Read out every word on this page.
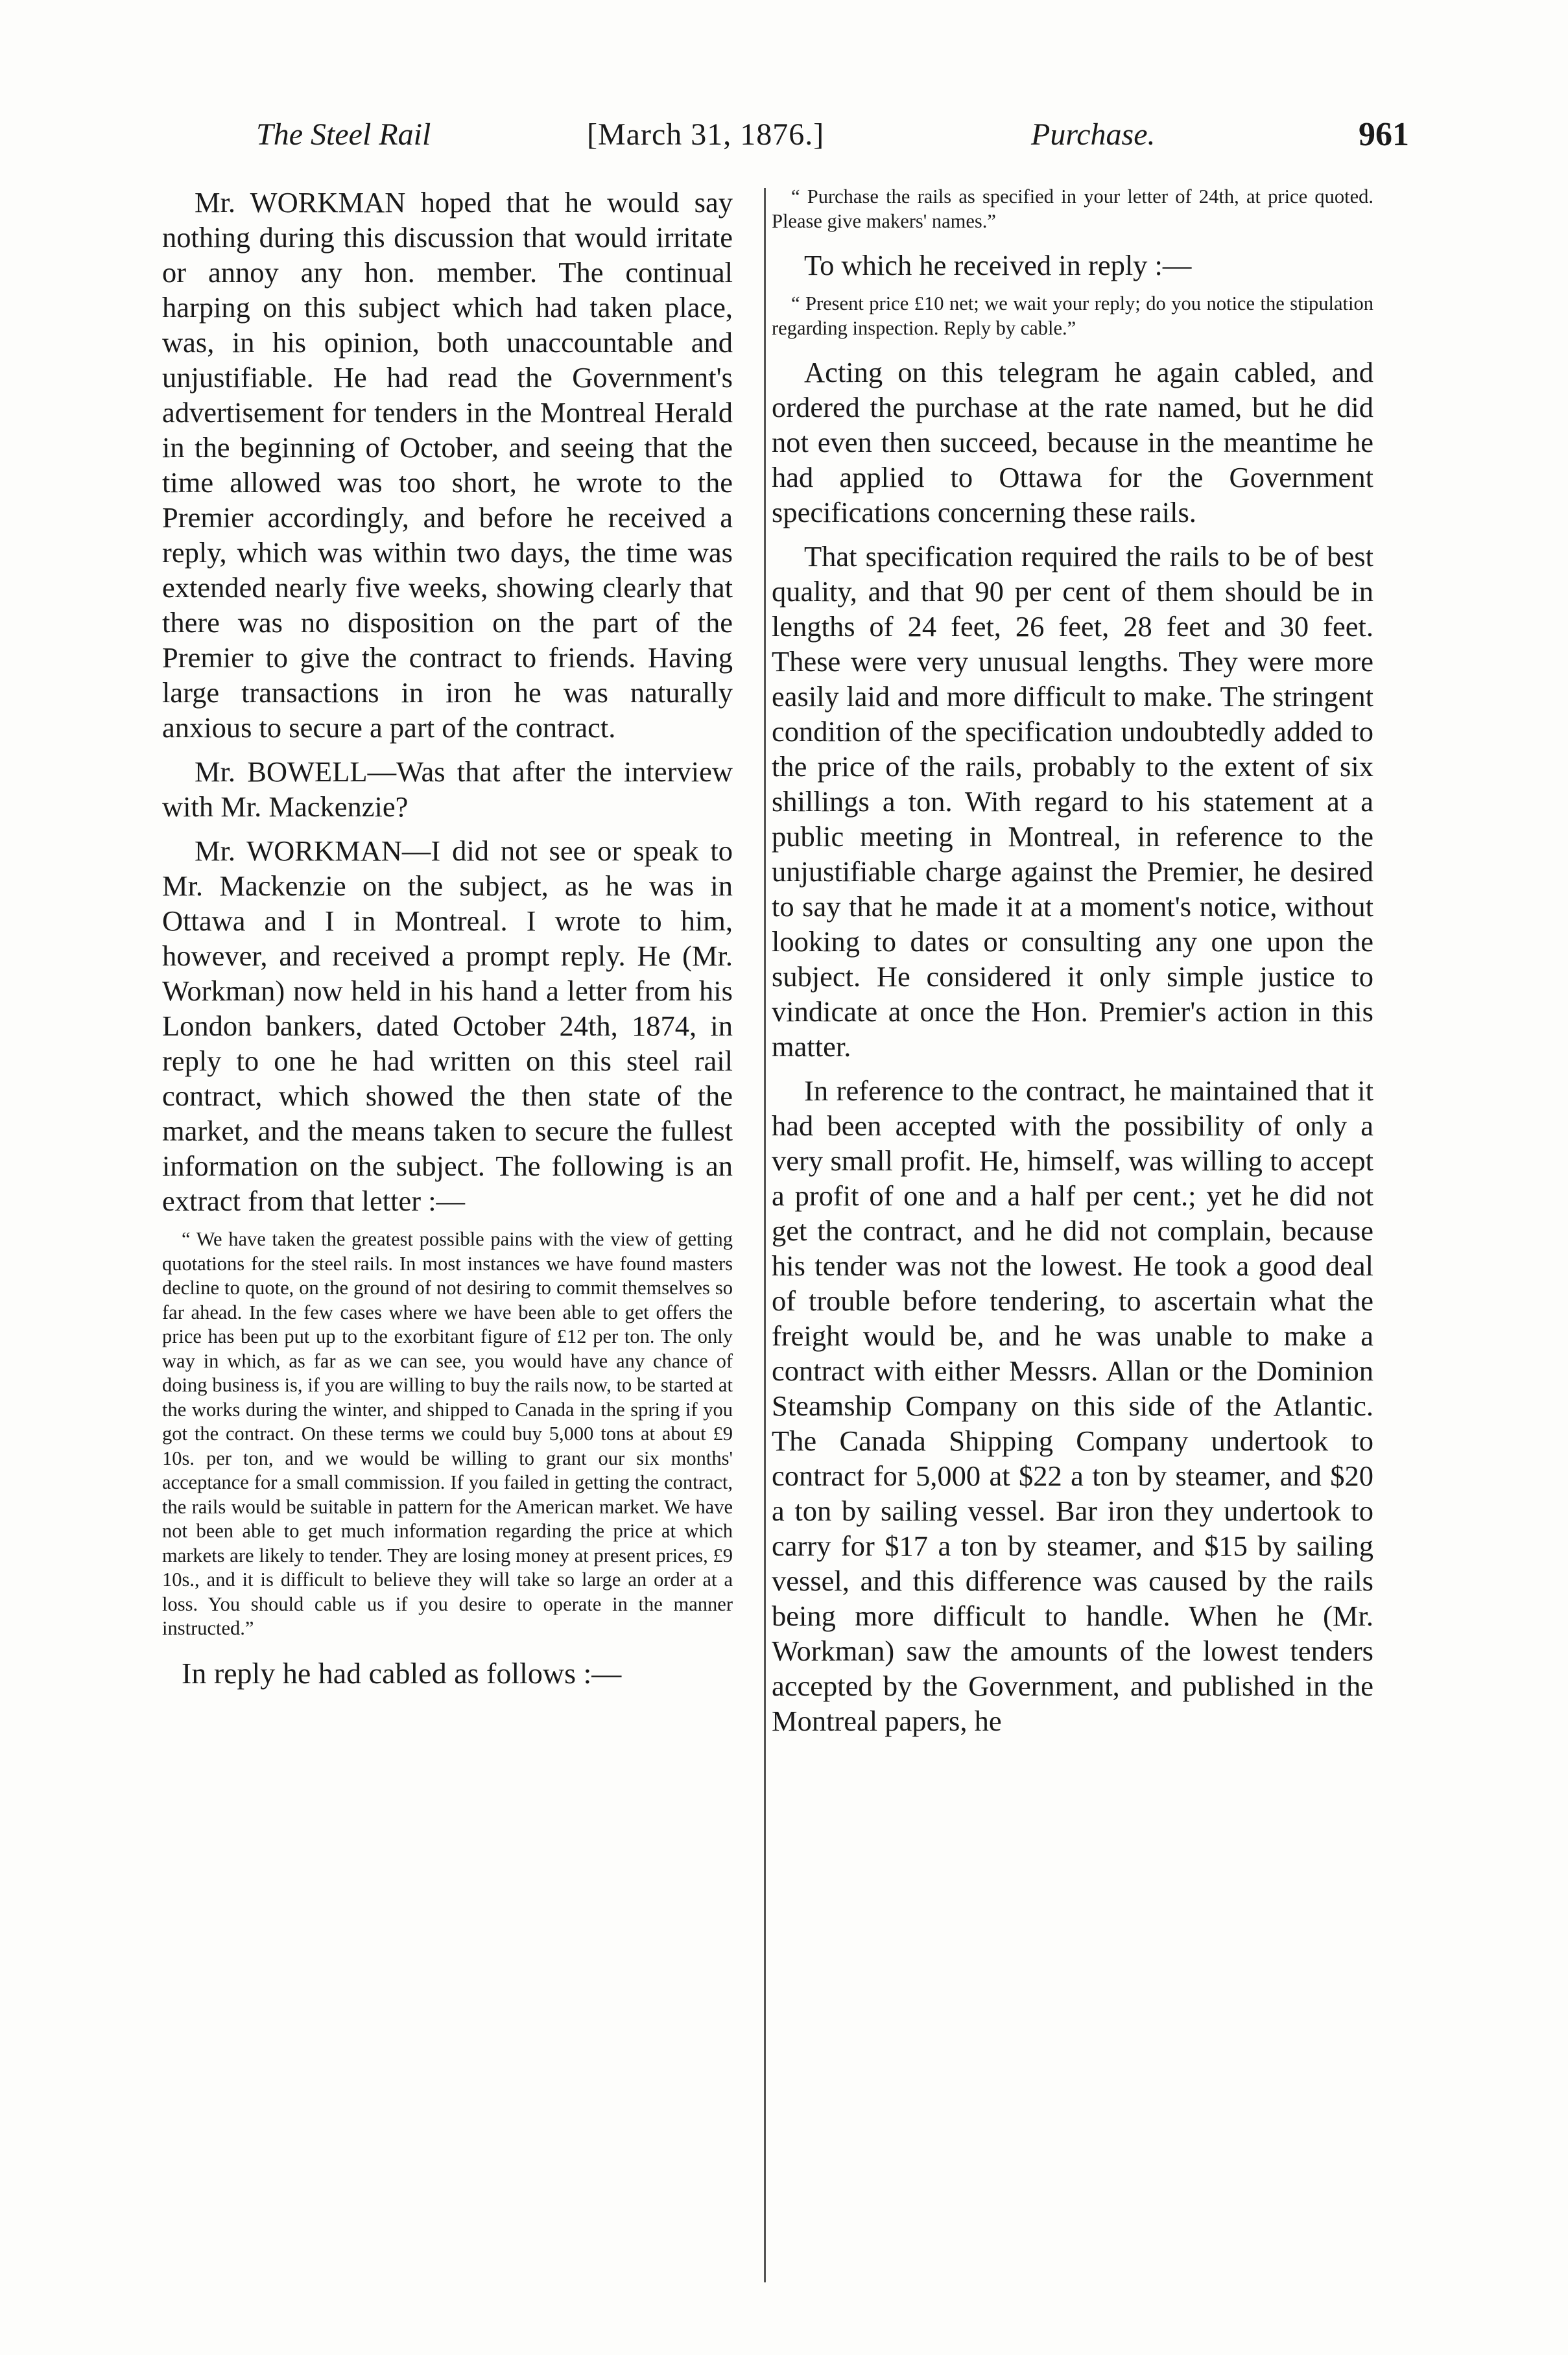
The Steel Rail	[March 31, 1876.]	Purchase.	961

Mr. WORKMAN hoped that he would say nothing during this discussion that would irritate or annoy any hon. member. The continual harping on this subject which had taken place, was, in his opinion, both unaccountable and unjustifiable. He had read the Government's advertisement for tenders in the Montreal Herald in the beginning of October, and seeing that the time allowed was too short, he wrote to the Premier accordingly, and before he received a reply, which was within two days, the time was extended nearly five weeks, showing clearly that there was no disposition on the part of the Premier to give the contract to friends. Having large transactions in iron he was naturally anxious to secure a part of the contract.

Mr. BOWELL—Was that after the interview with Mr. Mackenzie?

Mr. WORKMAN—I did not see or speak to Mr. Mackenzie on the subject, as he was in Ottawa and I in Montreal. I wrote to him, however, and received a prompt reply. He (Mr. Workman) now held in his hand a letter from his London bankers, dated October 24th, 1874, in reply to one he had written on this steel rail contract, which showed the then state of the market, and the means taken to secure the fullest information on the subject. The following is an extract from that letter :—

“ We have taken the greatest possible pains with the view of getting quotations for the steel rails. In most instances we have found masters decline to quote, on the ground of not desiring to commit themselves so far ahead. In the few cases where we have been able to get offers the price has been put up to the exorbitant figure of £12 per ton. The only way in which, as far as we can see, you would have any chance of doing business is, if you are willing to buy the rails now, to be started at the works during the winter, and shipped to Canada in the spring if you got the contract. On these terms we could buy 5,000 tons at about £9 10s. per ton, and we would be willing to grant our six months' acceptance for a small commission. If you failed in getting the contract, the rails would be suitable in pattern for the American market. We have not been able to get much information regarding the price at which markets are likely to tender. They are losing money at present prices, £9 10s., and it is difficult to believe they will take so large an order at a loss. You should cable us if you desire to operate in the manner instructed.”

In reply he had cabled as follows :—

“ Purchase the rails as specified in your letter of 24th, at price quoted. Please give makers' names.”

To which he received in reply :—

“ Present price £10 net; we wait your reply; do you notice the stipulation regarding inspection. Reply by cable.”

Acting on this telegram he again cabled, and ordered the purchase at the rate named, but he did not even then succeed, because in the meantime he had applied to Ottawa for the Government specifications concerning these rails.

That specification required the rails to be of best quality, and that 90 per cent of them should be in lengths of 24 feet, 26 feet, 28 feet and 30 feet. These were very unusual lengths. They were more easily laid and more difficult to make. The stringent condition of the specification undoubtedly added to the price of the rails, probably to the extent of six shillings a ton. With regard to his statement at a public meeting in Montreal, in reference to the unjustifiable charge against the Premier, he desired to say that he made it at a moment's notice, without looking to dates or consulting any one upon the subject. He considered it only simple justice to vindicate at once the Hon. Premier's action in this matter.

In reference to the contract, he maintained that it had been accepted with the possibility of only a very small profit. He, himself, was willing to accept a profit of one and a half per cent.; yet he did not get the contract, and he did not complain, because his tender was not the lowest. He took a good deal of trouble before tendering, to ascertain what the freight would be, and he was unable to make a contract with either Messrs. Allan or the Dominion Steamship Company on this side of the Atlantic. The Canada Shipping Company undertook to contract for 5,000 at $22 a ton by steamer, and $20 a ton by sailing vessel. Bar iron they undertook to carry for $17 a ton by steamer, and $15 by sailing vessel, and this difference was caused by the rails being more difficult to handle. When he (Mr. Workman) saw the amounts of the lowest tenders accepted by the Government, and published in the Montreal papers, he
